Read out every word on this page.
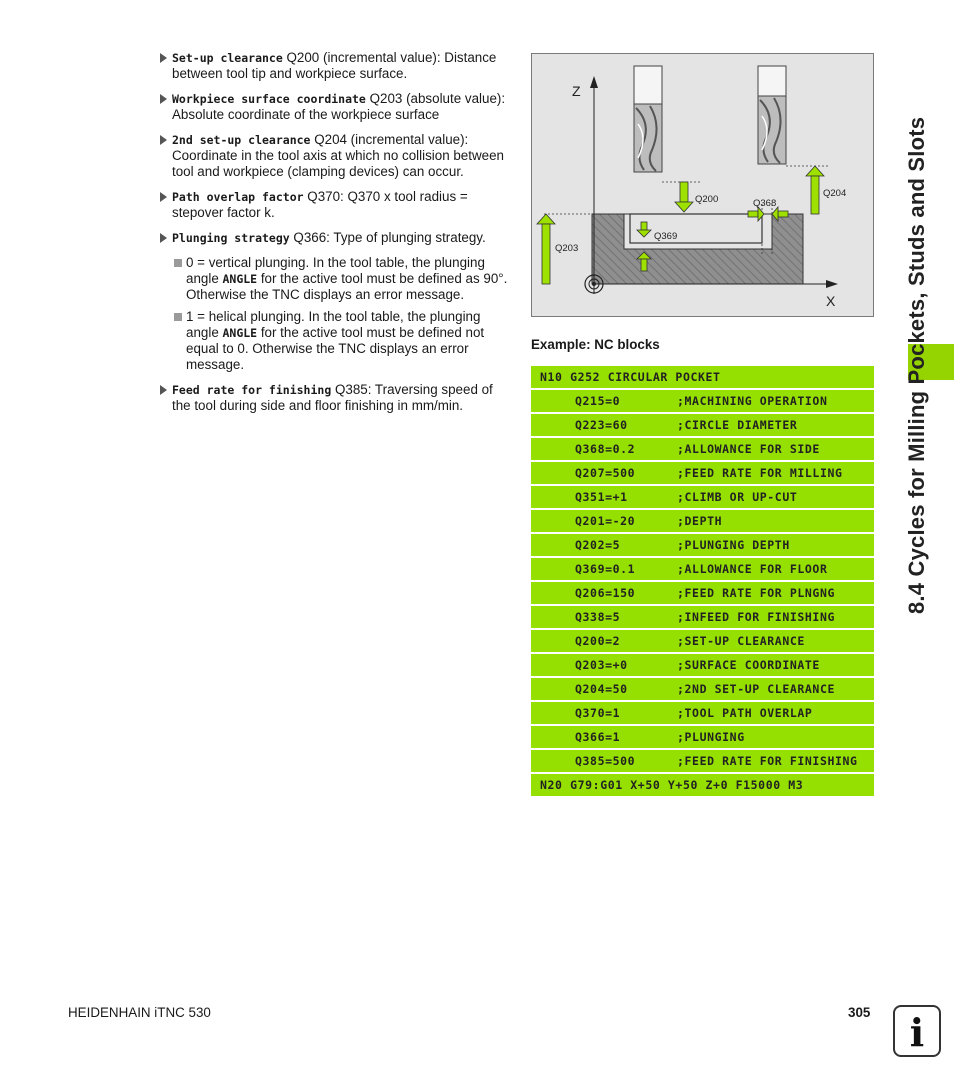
Set-up clearance Q200 (incremental value): Distance between tool tip and workpiece surface.
Workpiece surface coordinate Q203 (absolute value): Absolute coordinate of the workpiece surface
2nd set-up clearance Q204 (incremental value): Coordinate in the tool axis at which no collision between tool and workpiece (clamping devices) can occur.
Path overlap factor Q370: Q370 x tool radius = stepover factor k.
Plunging strategy Q366: Type of plunging strategy.
0 = vertical plunging. In the tool table, the plunging angle ANGLE for the active tool must be defined as 90°. Otherwise the TNC displays an error message.
1 = helical plunging. In the tool table, the plunging angle ANGLE for the active tool must be defined not equal to 0. Otherwise the TNC displays an error message.
Feed rate for finishing Q385: Traversing speed of the tool during side and floor finishing in mm/min.
Z
X
Q200	Q368
Q204
Q369
Q203
Example: NC blocks
N10 G252 CIRCULAR POCKET
Q215=0	;MACHINING OPERATION
Q223=60	;CIRCLE DIAMETER
Q368=0.2	;ALLOWANCE FOR SIDE
Q207=500	;FEED RATE FOR MILLING
Q351=+1	;CLIMB OR UP-CUT
Q201=-20	;DEPTH
Q202=5	;PLUNGING DEPTH
Q369=0.1	;ALLOWANCE FOR FLOOR
Q206=150	;FEED RATE FOR PLNGNG
Q338=5	;INFEED FOR FINISHING
Q200=2	;SET-UP CLEARANCE
Q203=+0	;SURFACE COORDINATE
Q204=50	;2ND SET-UP CLEARANCE
Q370=1	;TOOL PATH OVERLAP
Q366=1	;PLUNGING
Q385=500	;FEED RATE FOR FINISHING
N20 G79:G01 X+50 Y+50 Z+0 F15000 M3
8.4 Cycles for Milling Pockets, Studs and Slots
HEIDENHAIN iTNC 530	305	i
